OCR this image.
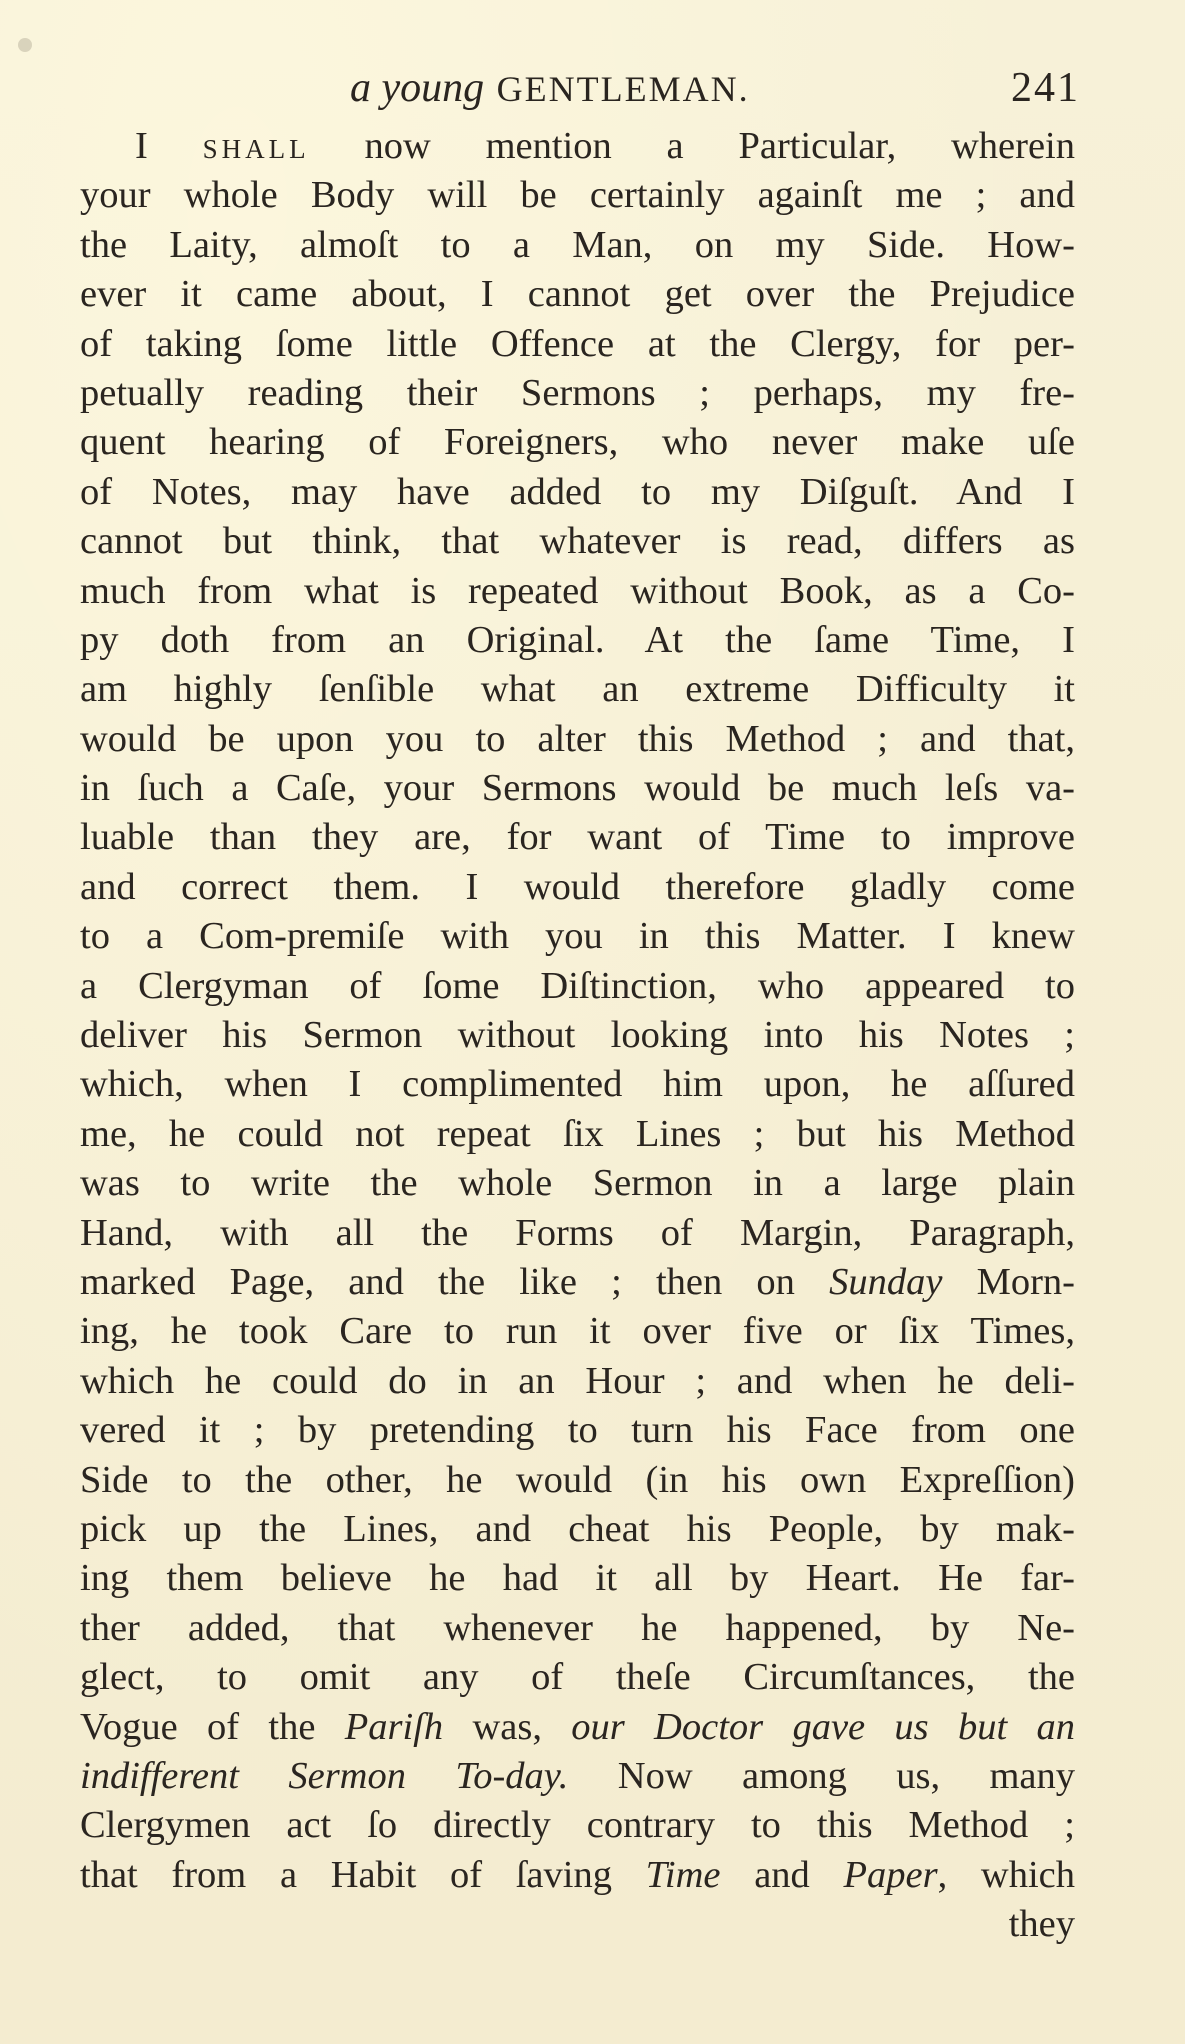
a young GENTLEMAN.	241
I SHALL now mention a Particular, wherein
your whole Body will be certainly againſt me ; and
the Laity, almoſt to a Man, on my Side. How-
ever it came about, I cannot get over the Prejudice
of taking ſome little Offence at the Clergy, for per-
petually reading their Sermons ; perhaps, my fre-
quent hearing of Foreigners, who never make uſe
of Notes, may have added to my Diſguſt. And I
cannot but think, that whatever is read, differs as
much from what is repeated without Book, as a Co-
py doth from an Original. At the ſame Time, I
am highly ſenſible what an extreme Difficulty it
would be upon you to alter this Method ; and that,
in ſuch a Caſe, your Sermons would be much leſs va-
luable than they are, for want of Time to improve
and correct them. I would therefore gladly come
to a Com-premiſe with you in this Matter. I knew
a Clergyman of ſome Diſtinction, who appeared to
deliver his Sermon without looking into his Notes ;
which, when I complimented him upon, he aſſured
me, he could not repeat ſix Lines ; but his Method
was to write the whole Sermon in a large plain
Hand, with all the Forms of Margin, Paragraph,
marked Page, and the like ; then on Sunday Morn-
ing, he took Care to run it over five or ſix Times,
which he could do in an Hour ; and when he deli-
vered it ; by pretending to turn his Face from one
Side to the other, he would (in his own Expreſſion)
pick up the Lines, and cheat his People, by mak-
ing them believe he had it all by Heart. He far-
ther added, that whenever he happened, by Ne-
glect, to omit any of theſe Circumſtances, the
Vogue of the Pariſh was, our Doctor gave us but an
indifferent Sermon To-day. Now among us, many
Clergymen act ſo directly contrary to this Method ;
that from a Habit of ſaving Time and Paper, which
they
